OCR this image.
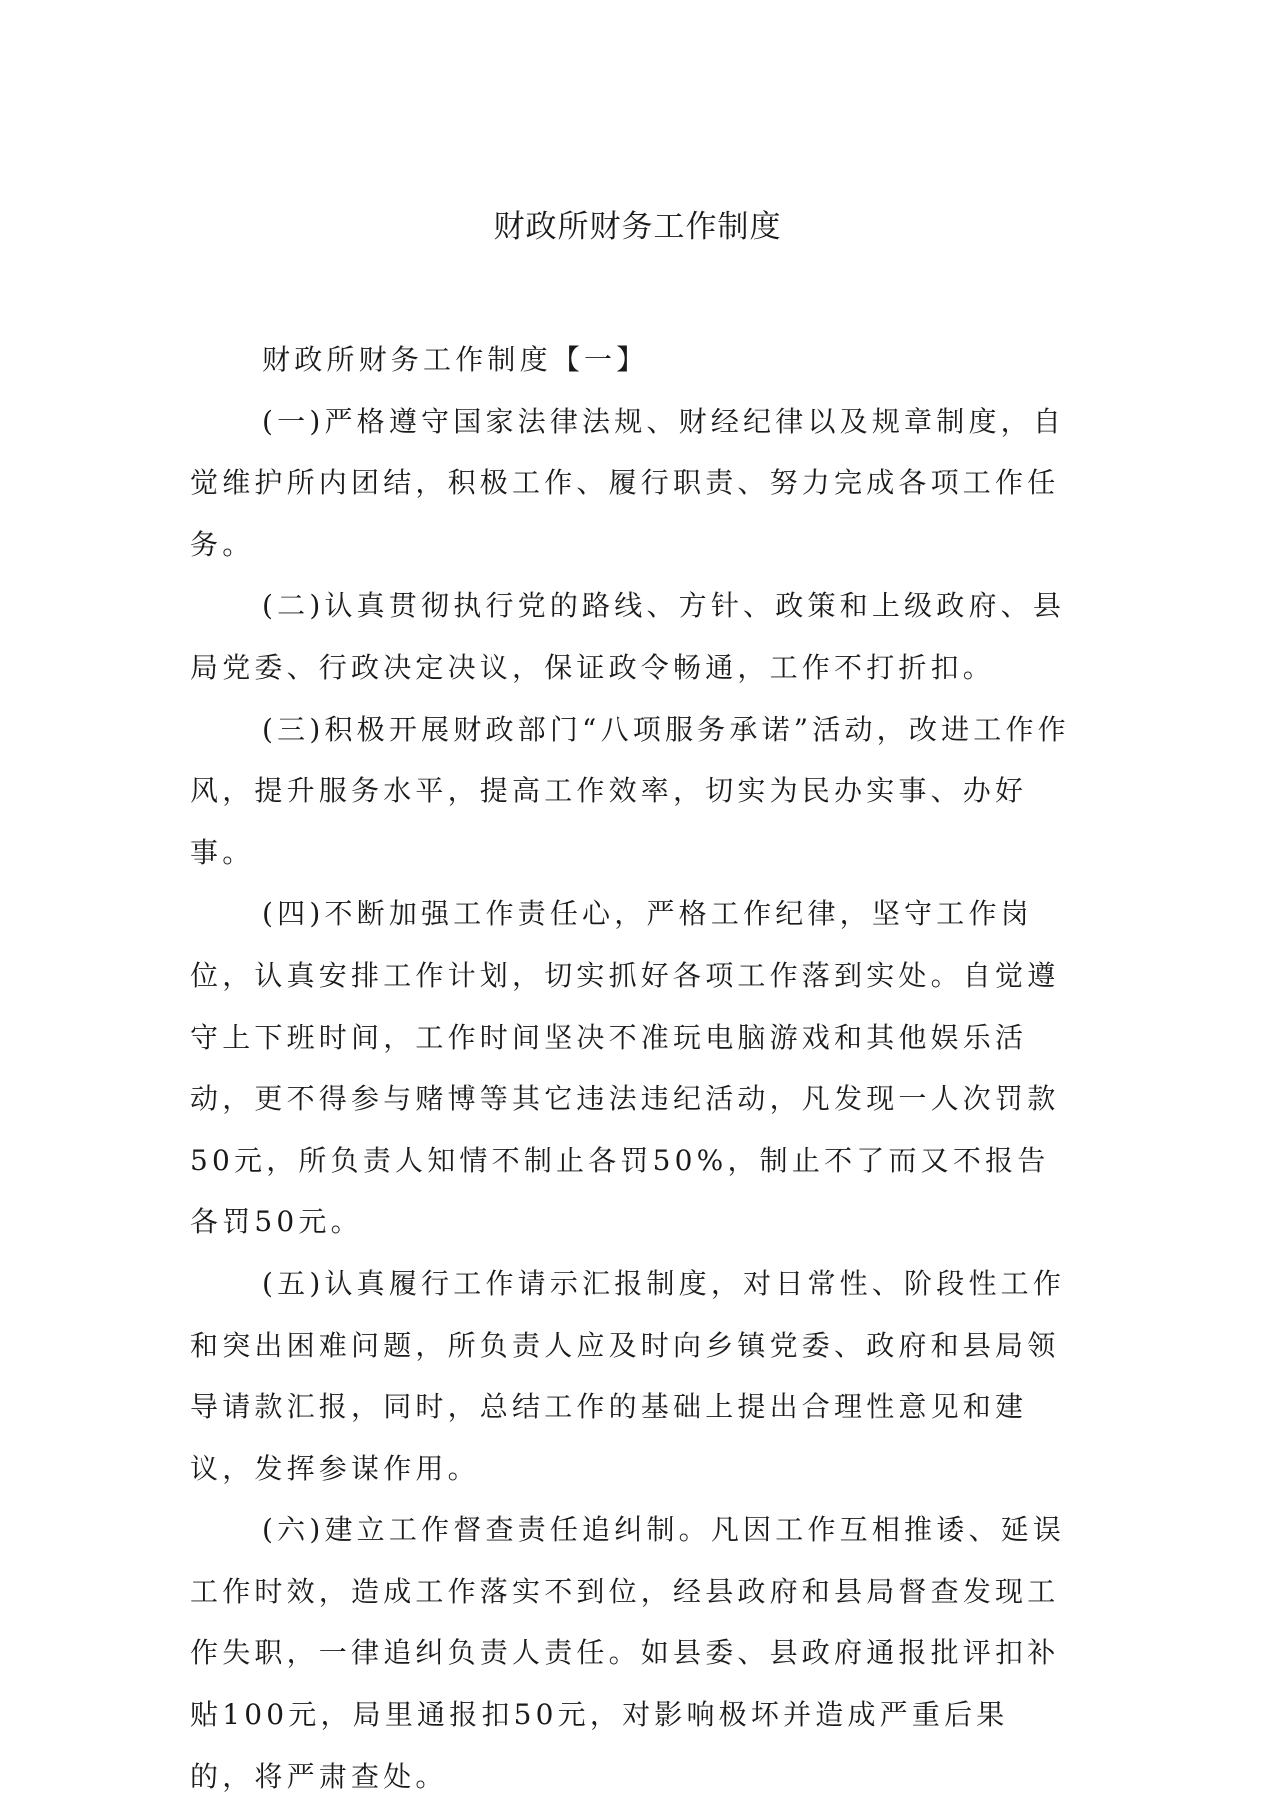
财政所财务工作制度

财政所财务工作制度【一】

(一)严格遵守国家法律法规、财经纪律以及规章制度，自觉维护所内团结，积极工作、履行职责、努力完成各项工作任务。

(二)认真贯彻执行党的路线、方针、政策和上级政府、县局党委、行政决定决议，保证政令畅通，工作不打折扣。

(三)积极开展财政部门“八项服务承诺”活动，改进工作作风，提升服务水平，提高工作效率，切实为民办实事、办好事。

(四)不断加强工作责任心，严格工作纪律，坚守工作岗位，认真安排工作计划，切实抓好各项工作落到实处。自觉遵守上下班时间，工作时间坚决不准玩电脑游戏和其他娱乐活动，更不得参与赌博等其它违法违纪活动，凡发现一人次罚款50元，所负责人知情不制止各罚50%，制止不了而又不报告各罚50元。

(五)认真履行工作请示汇报制度，对日常性、阶段性工作和突出困难问题，所负责人应及时向乡镇党委、政府和县局领导请款汇报，同时，总结工作的基础上提出合理性意见和建议，发挥参谋作用。

(六)建立工作督查责任追纠制。凡因工作互相推诿、延误工作时效，造成工作落实不到位，经县政府和县局督查发现工作失职，一律追纠负责人责任。如县委、县政府通报批评扣补贴100元，局里通报扣50元，对影响极坏并造成严重后果的，将严肃查处。
